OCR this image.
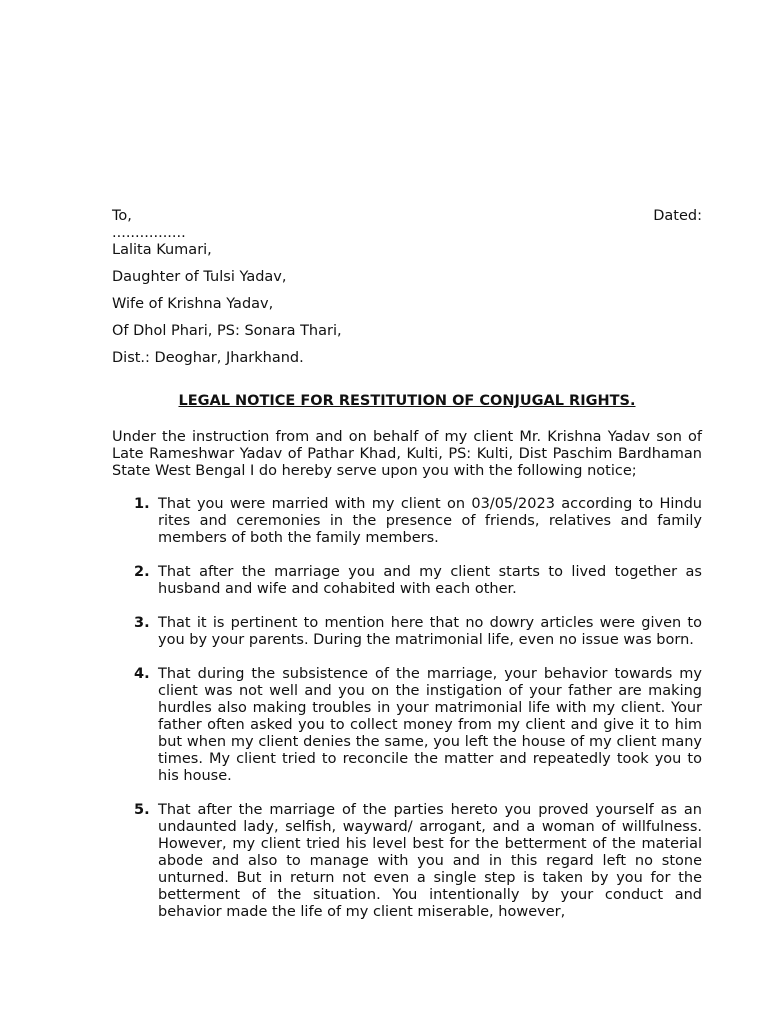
To,	Dated:
................

Lalita Kumari,

Daughter of Tulsi Yadav,

Wife of Krishna Yadav,

Of Dhol Phari, PS: Sonara Thari,

Dist.: Deoghar, Jharkhand.

LEGAL NOTICE FOR RESTITUTION OF CONJUGAL RIGHTS.

Under the instruction from and on behalf of my client Mr. Krishna Yadav son of Late Rameshwar Yadav of Pathar Khad, Kulti, PS: Kulti, Dist Paschim Bardhaman State West Bengal I do hereby serve upon you with the following notice;

1. That you were married with my client on 03/05/2023 according to Hindu rites and ceremonies in the presence of friends, relatives and family members of both the family members.
2. That after the marriage you and my client starts to lived together as husband and wife and cohabited with each other.
3. That it is pertinent to mention here that no dowry articles were given to you by your parents. During the matrimonial life, even no issue was born.
4. That during the subsistence of the marriage, your behavior towards my client was not well and you on the instigation of your father are making hurdles also making troubles in your matrimonial life with my client. Your father often asked you to collect money from my client and give it to him but when my client denies the same, you left the house of my client many times. My client tried to reconcile the matter and repeatedly took you to his house.
5. That after the marriage of the parties hereto you proved yourself as an undaunted lady, selfish, wayward/ arrogant, and a woman of willfulness. However, my client tried his level best for the betterment of the material abode and also to manage with you and in this regard left no stone unturned. But in return not even a single step is taken by you for the betterment of the situation. You intentionally by your conduct and behavior made the life of my client miserable, however,
